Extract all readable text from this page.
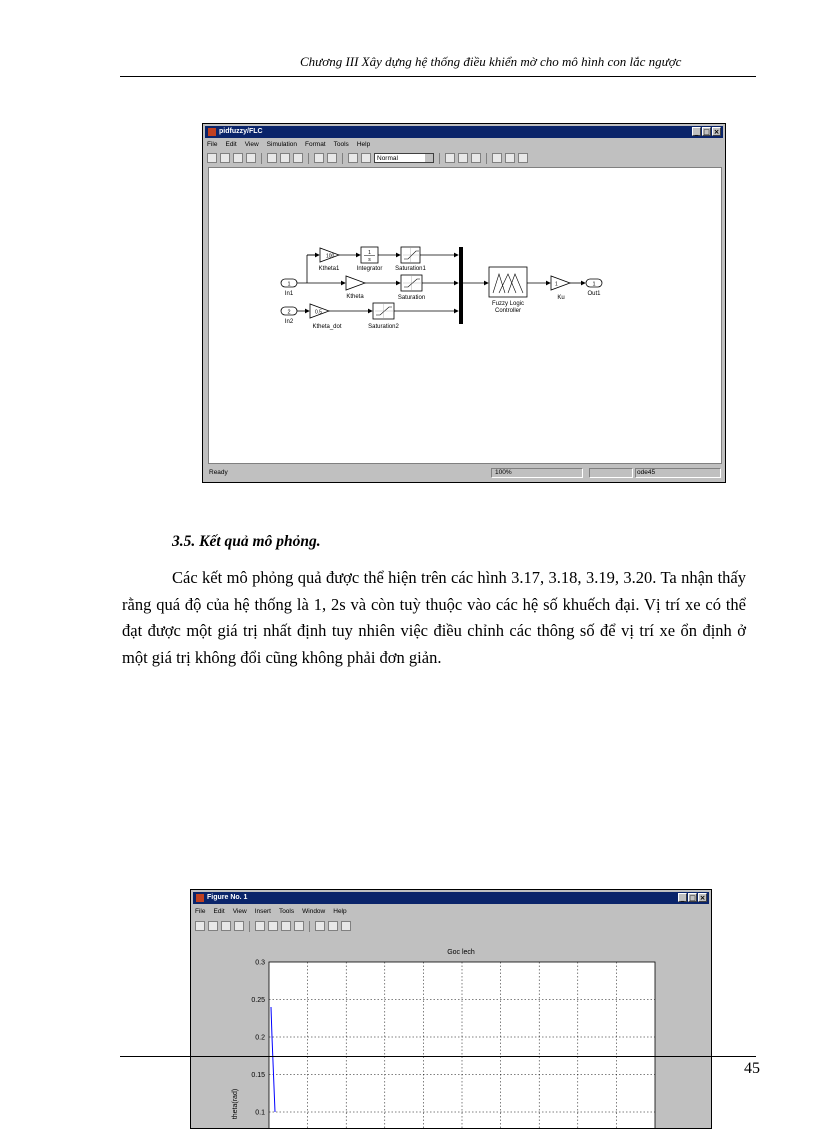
Chương III Xây dựng hệ thống điều khiển mờ cho mô hình con lắc ngược
pidfuzzy/FLC	_ □ ×
File Edit View Simulation Format Tools Help
Normal
1
In1
2
In2
100
Ktheta1
1
s
Integrator Saturation1
Ktheta	Saturation
0.5
Ktheta_dot	Saturation2
Fuzzy Logic
Controller
1
Ku
1
Out1
Ready	100%	ode45
3.5. Kết quả mô phỏng.
Các kết mô phỏng quả được thể hiện trên các hình 3.17, 3.18, 3.19, 3.20. Ta nhận thấy rằng quá độ của hệ thống là 1, 2s và còn tuỳ thuộc vào các hệ số khuếch đại. Vị trí xe có thể đạt được một giá trị nhất định tuy nhiên việc điều chỉnh các thông số để vị trí xe ổn định ở một giá trị không đổi cũng không phải đơn giản.
Figure No. 1	_ □ ×
File Edit View Insert Tools Window Help
Goc lech
theta(rad)
0.3
0.25
0.2
0.15
0.1
45
